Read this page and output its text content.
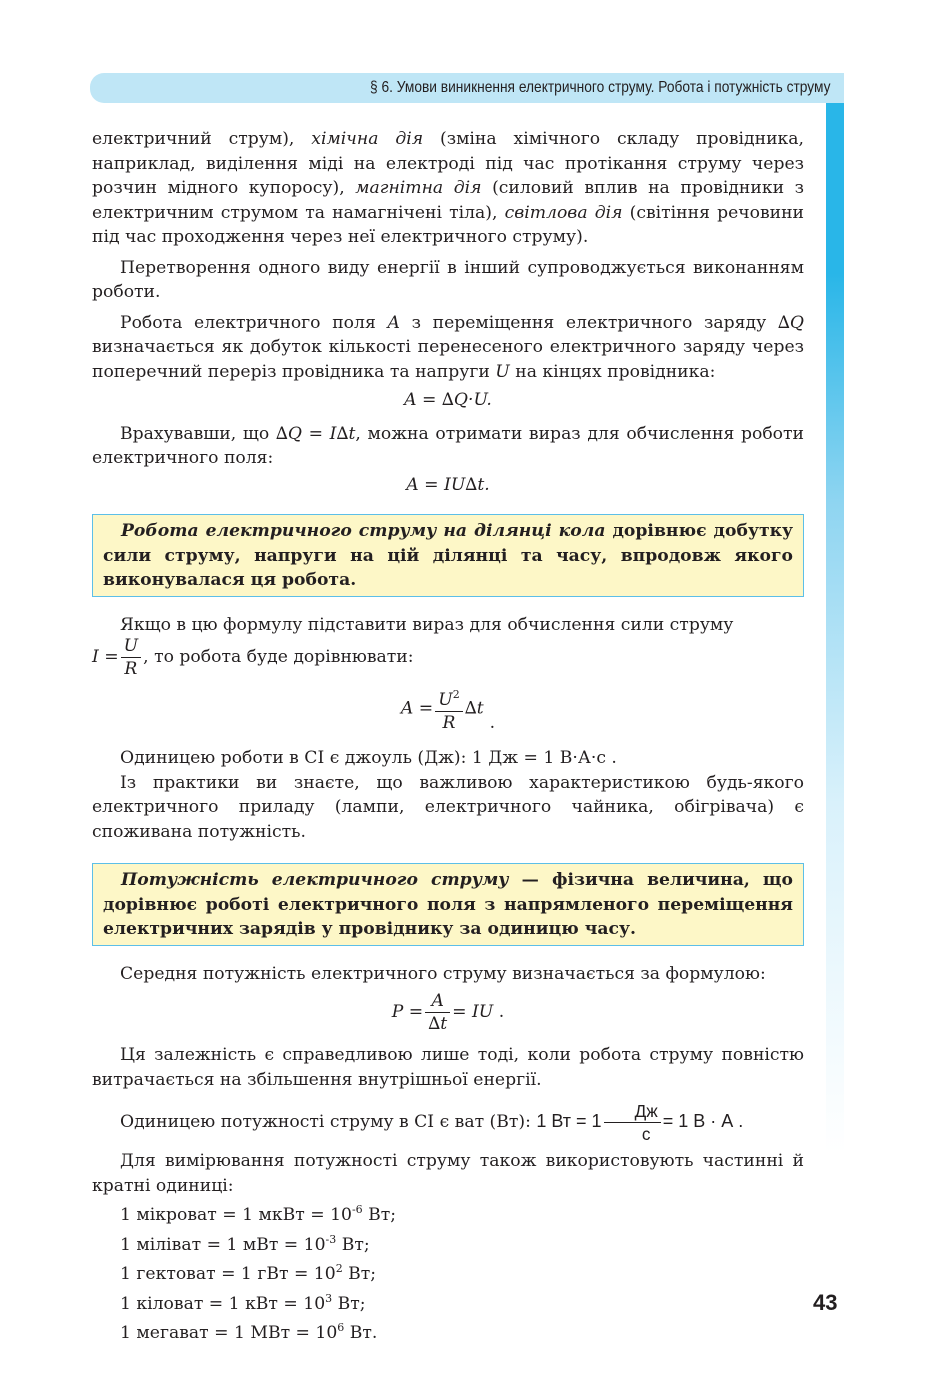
§ 6. Умови виникнення електричного струму. Робота і потужність струму

електричний струм), хімічна дія (зміна хімічного складу провідника, наприклад, виділення міді на електроді під час протікання струму через розчин мідного купоросу), магнітна дія (силовий вплив на провідники з електричним струмом та намагнічені тіла), світлова дія (світіння речовини під час проходження через неї електричного струму).

Перетворення одного виду енергії в інший супроводжується виконанням роботи.

Робота електричного поля A з переміщення електричного заряду ∆Q визначається як добуток кількості перенесеного електричного заряду через поперечний переріз провідника та напруги U на кінцях провідника:

A = ∆Q·U.

Врахувавши, що ∆Q = I∆t, можна отримати вираз для обчислення роботи електричного поля:

A = IU∆t.

Робота електричного струму на ділянці кола дорівнює добутку сили струму, напруги на цій ділянці та часу, впродовж якого виконувалася ця робота.

Якщо в цю формулу підставити вираз для обчислення сили струму

$I = \frac{U}{R}$ , то робота буде дорівнювати:

$A = \frac{U^2}{R} \Delta t$.

Одиницею роботи в СІ є джоуль (Дж): 1 Дж = 1 В·А·с .

Із практики ви знаєте, що важливою характеристикою будь-якого електричного приладу (лампи, електричного чайника, обігрівача) є споживана потужність.

Потужність електричного струму — фізична величина, що дорівнює роботі електричного поля з напрямленого переміщення електричних зарядів у провіднику за одиницю часу.

Середня потужність електричного струму визначається за формулою:

$P = \frac{A}{\Delta t}$ = IU .

Ця залежність є справедливою лише тоді, коли робота струму повністю витрачається на збільшення внутрішньої енергії.

Одиницею потужності струму в СІ є ват (Вт): 1 Вт = $1 \frac{Дж}{с} = 1$ В · А .

Для вимірювання потужності струму також використовують частинні й кратні одиниці:

1 мікроват = 1 мкВт = $10^{-6}$ Вт;

1 мiлiват = 1 мВт = $10^{-3}$ Вт;

1 гектоват = 1 гВт = $10^2$ Вт;

1 кiловат = 1 кВт = $10^3$ Вт;

1 мегават = 1 МВт = $10^6$ Вт.

43
